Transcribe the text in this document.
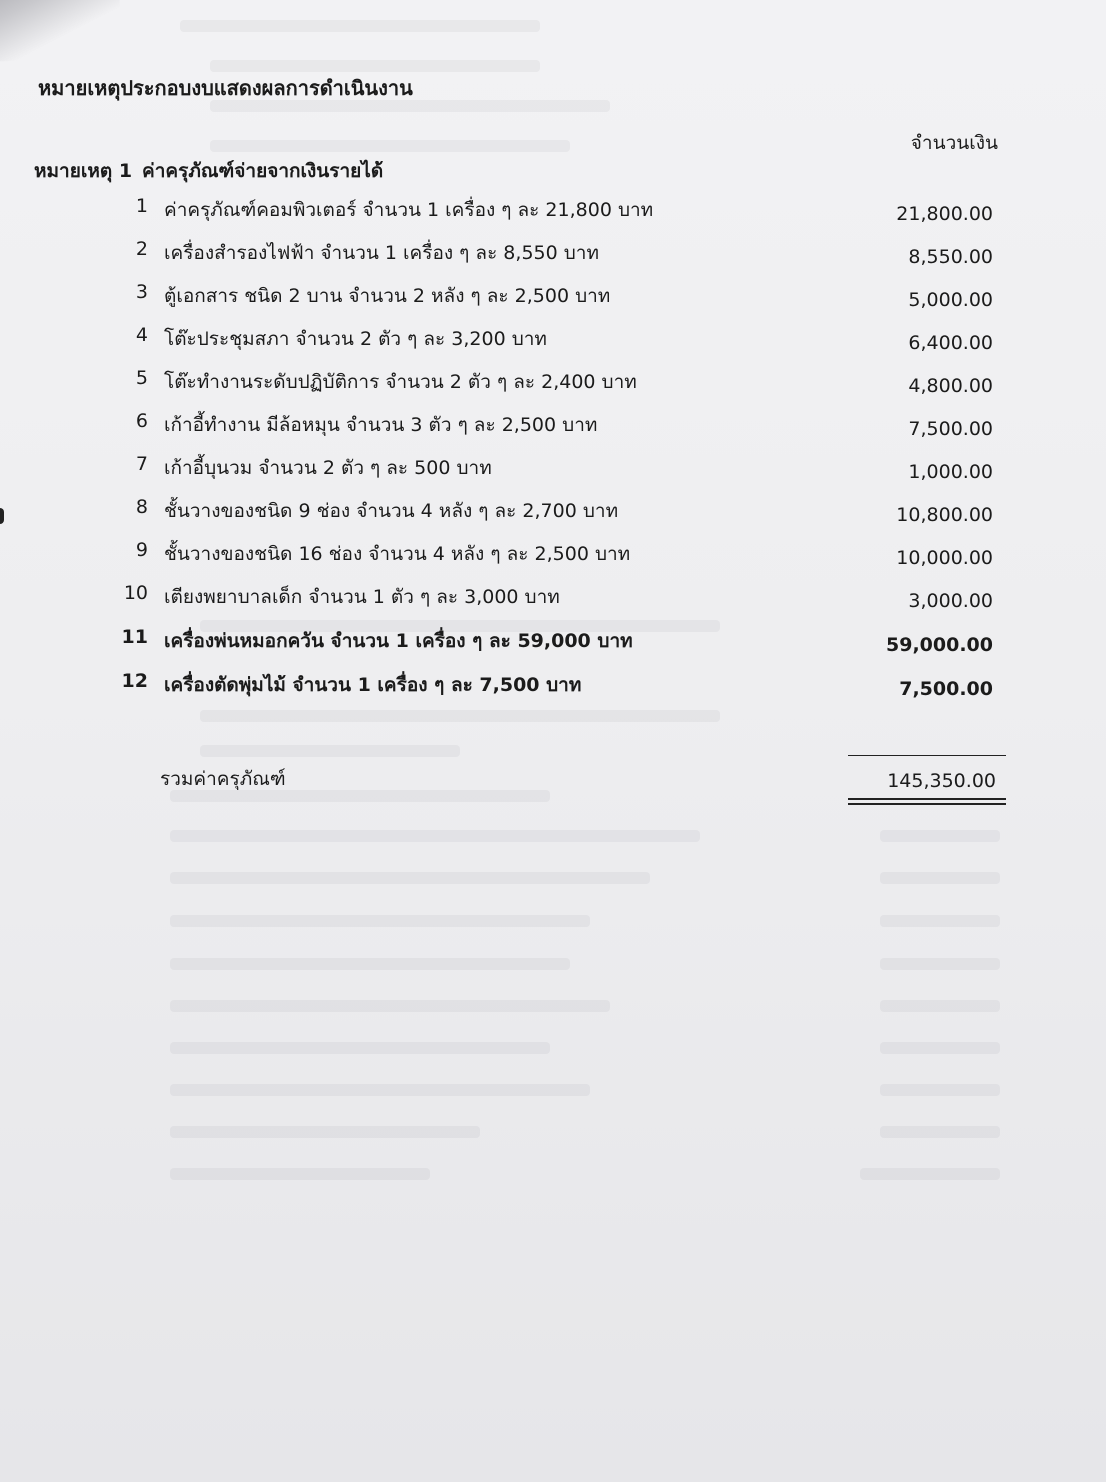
หมายเหตุประกอบงบแสดงผลการดำเนินงาน
จำนวนเงิน
หมายเหตุ 1 ค่าครุภัณฑ์จ่ายจากเงินรายได้
1 ค่าครุภัณฑ์คอมพิวเตอร์ จำนวน 1 เครื่อง ๆ ละ 21,800 บาท	21,800.00
2 เครื่องสำรองไฟฟ้า จำนวน 1 เครื่อง ๆ ละ 8,550 บาท	8,550.00
3 ตู้เอกสาร ชนิด 2 บาน จำนวน 2 หลัง ๆ ละ 2,500 บาท	5,000.00
4 โต๊ะประชุมสภา จำนวน 2 ตัว ๆ ละ 3,200 บาท	6,400.00
5 โต๊ะทำงานระดับปฏิบัติการ จำนวน 2 ตัว ๆ ละ 2,400 บาท	4,800.00
6 เก้าอี้ทำงาน มีล้อหมุน จำนวน 3 ตัว ๆ ละ 2,500 บาท	7,500.00
7 เก้าอี้บุนวม จำนวน 2 ตัว ๆ ละ 500 บาท	1,000.00
8 ชั้นวางของชนิด 9 ช่อง จำนวน 4 หลัง ๆ ละ 2,700 บาท	10,800.00
9 ชั้นวางของชนิด 16 ช่อง จำนวน 4 หลัง ๆ ละ 2,500 บาท	10,000.00
10 เตียงพยาบาลเด็ก จำนวน 1 ตัว ๆ ละ 3,000 บาท	3,000.00
11 เครื่องพ่นหมอกควัน จำนวน 1 เครื่อง ๆ ละ 59,000 บาท	59,000.00
12 เครื่องตัดพุ่มไม้ จำนวน 1 เครื่อง ๆ ละ 7,500 บาท	7,500.00
รวมค่าครุภัณฑ์	145,350.00
